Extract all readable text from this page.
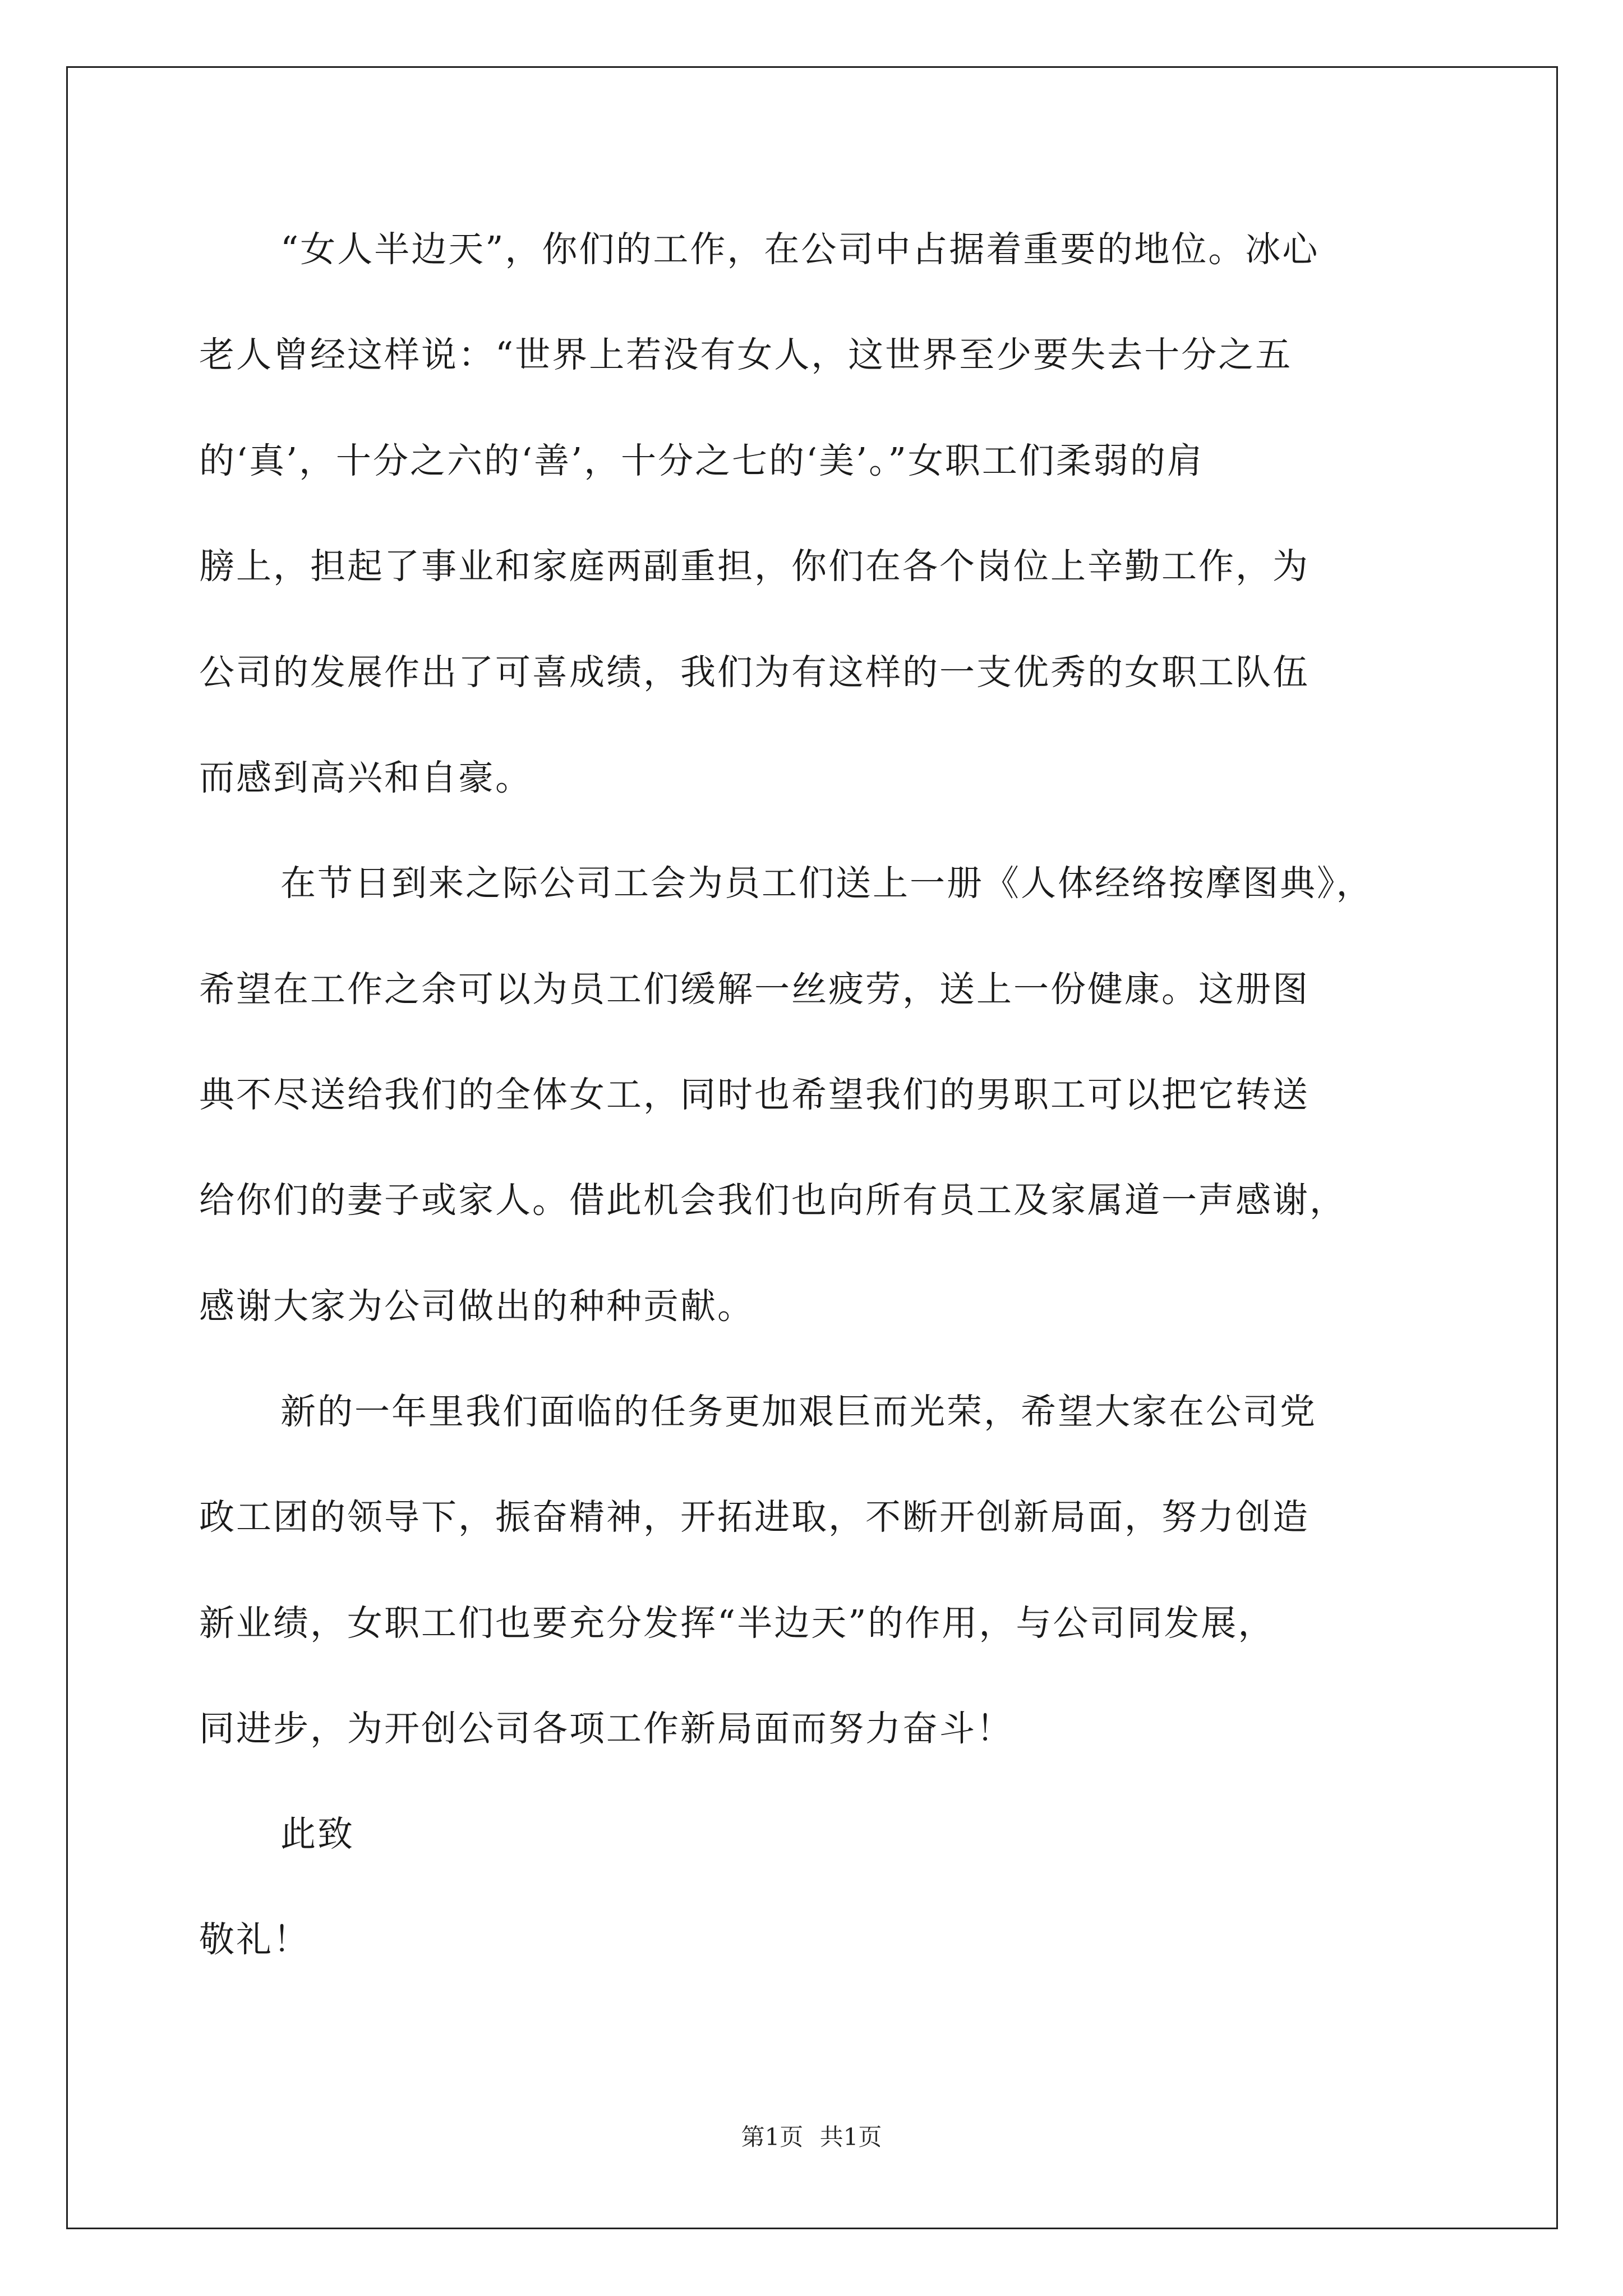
“女人半边天”，你们的工作，在公司中占据着重要的地位。冰心
老人曾经这样说：“世界上若没有女人，这世界至少要失去十分之五
的‘真’，十分之六的‘善’，十分之七的‘美’。”女职工们柔弱的肩
膀上，担起了事业和家庭两副重担，你们在各个岗位上辛勤工作，为
公司的发展作出了可喜成绩，我们为有这样的一支优秀的女职工队伍
而感到高兴和自豪。
在节日到来之际公司工会为员工们送上一册《人体经络按摩图典》，
希望在工作之余可以为员工们缓解一丝疲劳，送上一份健康。这册图
典不尽送给我们的全体女工，同时也希望我们的男职工可以把它转送
给你们的妻子或家人。借此机会我们也向所有员工及家属道一声感谢，
感谢大家为公司做出的种种贡献。
新的一年里我们面临的任务更加艰巨而光荣，希望大家在公司党
政工团的领导下，振奋精神，开拓进取，不断开创新局面，努力创造
新业绩，女职工们也要充分发挥“半边天”的作用，与公司同发展，
同进步，为开创公司各项工作新局面而努力奋斗！
此致
敬礼！
第1页 共1页
